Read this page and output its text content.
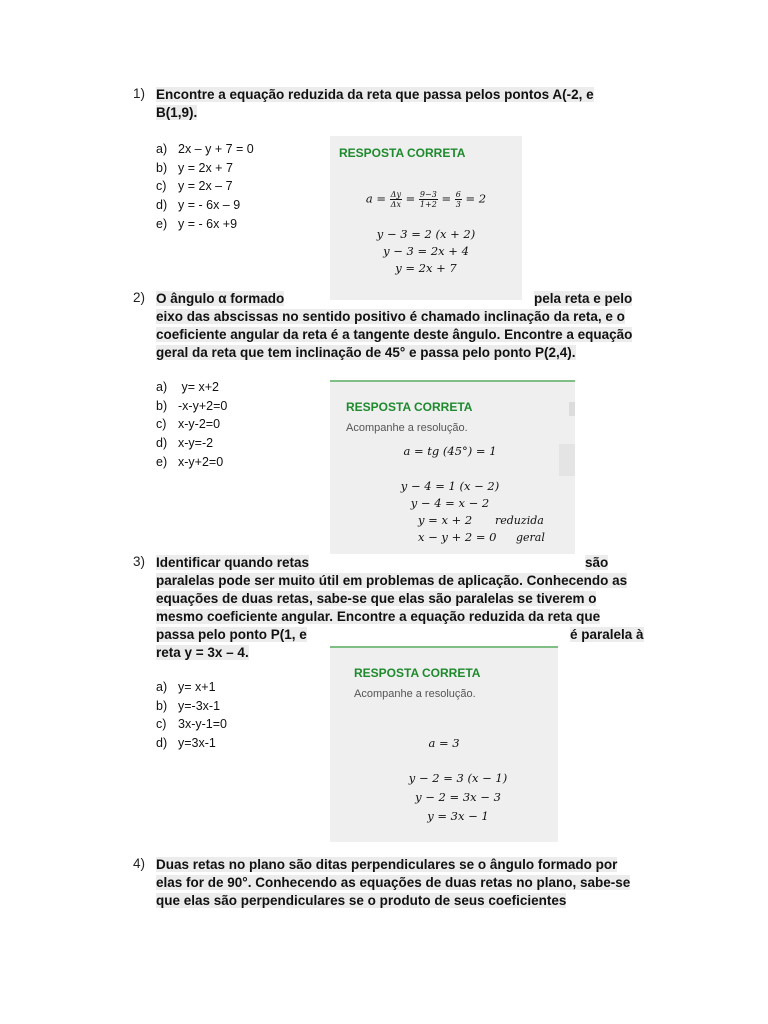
1) Encontre a equação reduzida da reta que passa pelos pontos A(-2, e
B(1,9).
a) 2x – y + 7 = 0
b) y = 2x + 7
c) y = 2x – 7
d) y = - 6x – 9
e) y = - 6x +9
RESPOSTA CORRETA
$a = \frac{\Delta y}{\Delta x} = \frac{9-3}{1+2} = \frac{6}{3} = 2$
y − 3 = 2 (x + 2)
y − 3 = 2x + 4
y = 2x + 7
2) O ângulo α formado	pela reta e pelo
eixo das abscissas no sentido positivo é chamado inclinação da reta, e o
coeficiente angular da reta é a tangente deste ângulo. Encontre a equação
geral da reta que tem inclinação de 45° e passa pelo ponto P(2,4).
a) y= x+2
b) -x-y+2=0
c) x-y-2=0
d) x-y=-2
e) x-y+2=0
RESPOSTA CORRETA
Acompanhe a resolução.
a = tg (45°) = 1
y − 4 = 1 (x − 2)
y − 4 = x − 2
y = x + 2 reduzida
x − y + 2 = 0 geral
3) Identificar quando retas	são
paralelas pode ser muito útil em problemas de aplicação. Conhecendo as
equações de duas retas, sabe-se que elas são paralelas se tiverem o
mesmo coeficiente angular. Encontre a equação reduzida da reta que
passa pelo ponto P(1, e	é paralela à
reta y = 3x – 4.
a) y= x+1
b) y=-3x-1
c) 3x-y-1=0
d) y=3x-1
RESPOSTA CORRETA
Acompanhe a resolução.
a = 3
y − 2 = 3 (x − 1)
y − 2 = 3x − 3
y = 3x − 1
4) Duas retas no plano são ditas perpendiculares se o ângulo formado por
elas for de 90°. Conhecendo as equações de duas retas no plano, sabe-se
que elas são perpendiculares se o produto de seus coeficientes
